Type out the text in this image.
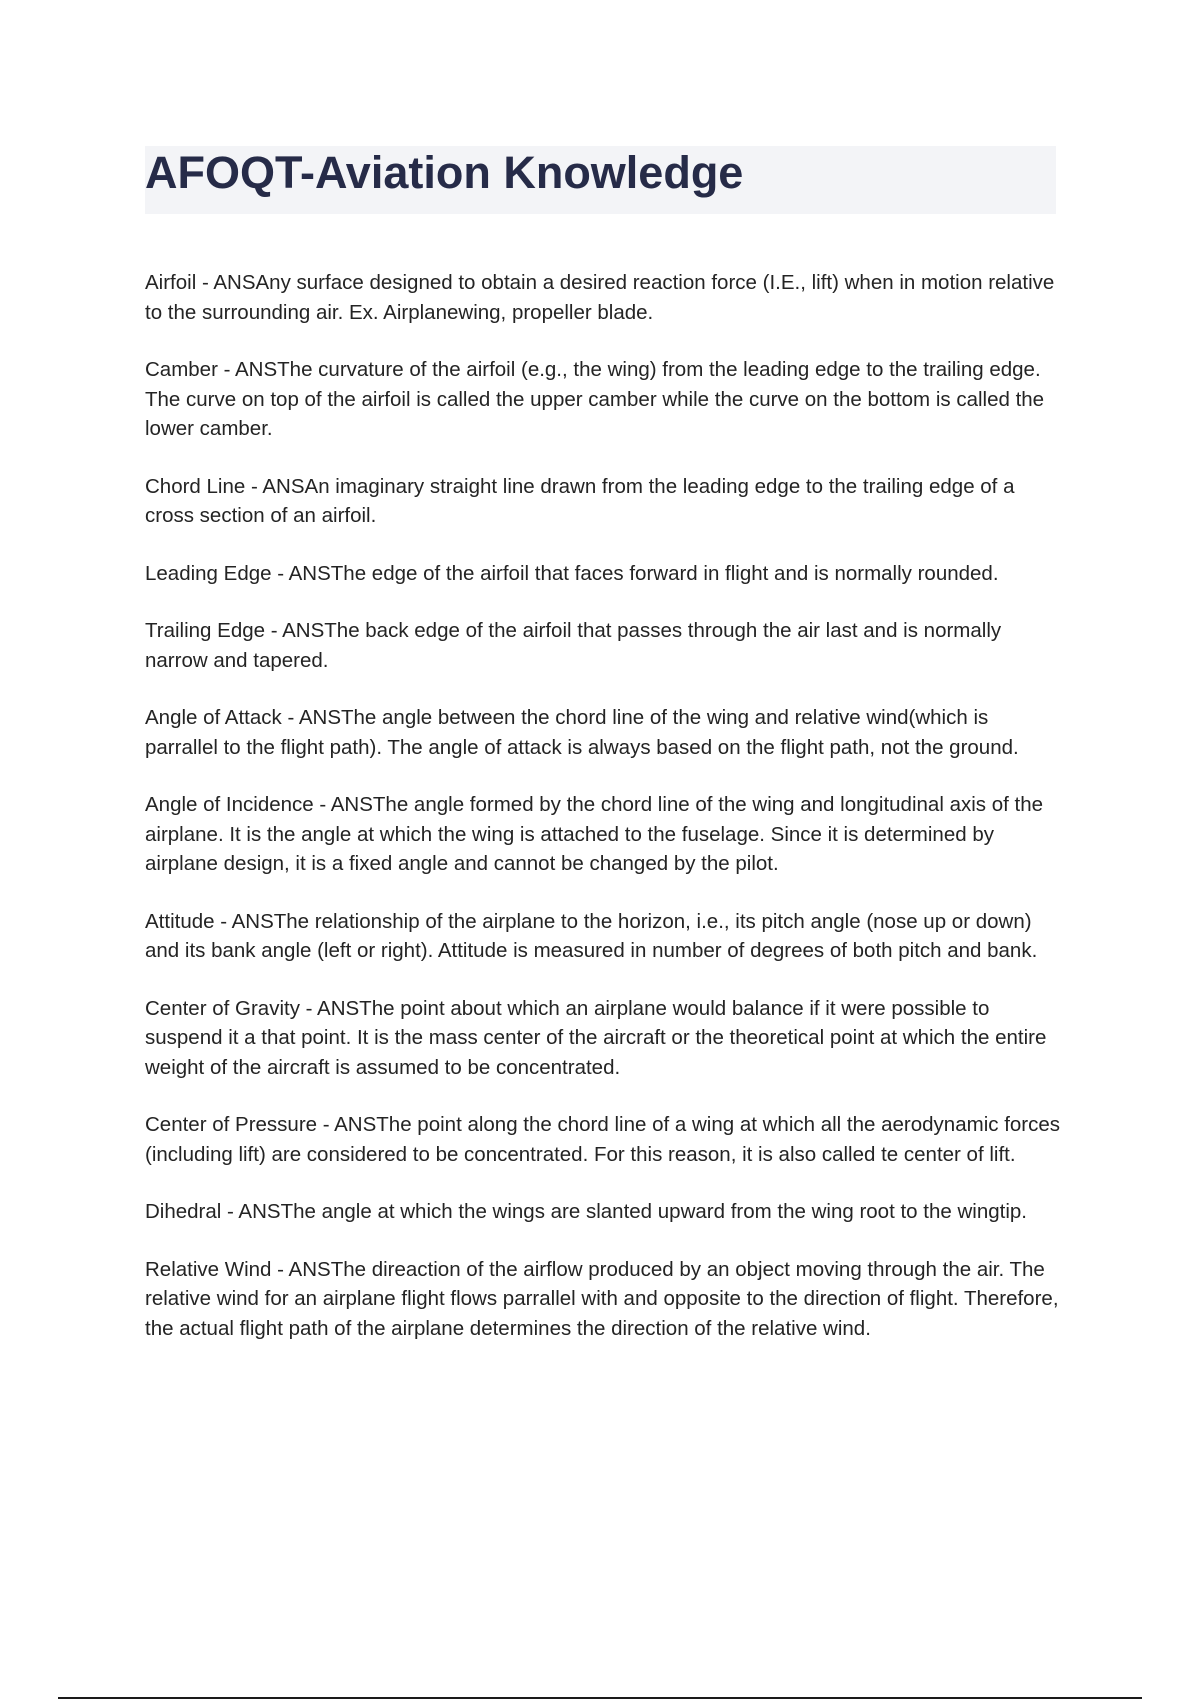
AFOQT-Aviation Knowledge

Airfoil - ANSAny surface designed to obtain a desired reaction force (I.E., lift) when in motion relative to the surrounding air. Ex. Airplanewing, propeller blade.

Camber - ANSThe curvature of the airfoil (e.g., the wing) from the leading edge to the trailing edge. The curve on top of the airfoil is called the upper camber while the curve on the bottom is called the lower camber.

Chord Line - ANSAn imaginary straight line drawn from the leading edge to the trailing edge of a cross section of an airfoil.

Leading Edge - ANSThe edge of the airfoil that faces forward in flight and is normally rounded.

Trailing Edge - ANSThe back edge of the airfoil that passes through the air last and is normally narrow and tapered.

Angle of Attack - ANSThe angle between the chord line of the wing and relative wind(which is parrallel to the flight path). The angle of attack is always based on the flight path, not the ground.

Angle of Incidence - ANSThe angle formed by the chord line of the wing and longitudinal axis of the airplane. It is the angle at which the wing is attached to the fuselage. Since it is determined by airplane design, it is a fixed angle and cannot be changed by the pilot.

Attitude - ANSThe relationship of the airplane to the horizon, i.e., its pitch angle (nose up or down) and its bank angle (left or right). Attitude is measured in number of degrees of both pitch and bank.

Center of Gravity - ANSThe point about which an airplane would balance if it were possible to suspend it a that point. It is the mass center of the aircraft or the theoretical point at which the entire weight of the aircraft is assumed to be concentrated.

Center of Pressure - ANSThe point along the chord line of a wing at which all the aerodynamic forces (including lift) are considered to be concentrated. For this reason, it is also called te center of lift.

Dihedral - ANSThe angle at which the wings are slanted upward from the wing root to the wingtip.

Relative Wind - ANSThe direaction of the airflow produced by an object moving through the air. The relative wind for an airplane flight flows parrallel with and opposite to the direction of flight. Therefore, the actual flight path of the airplane determines the direction of the relative wind.
